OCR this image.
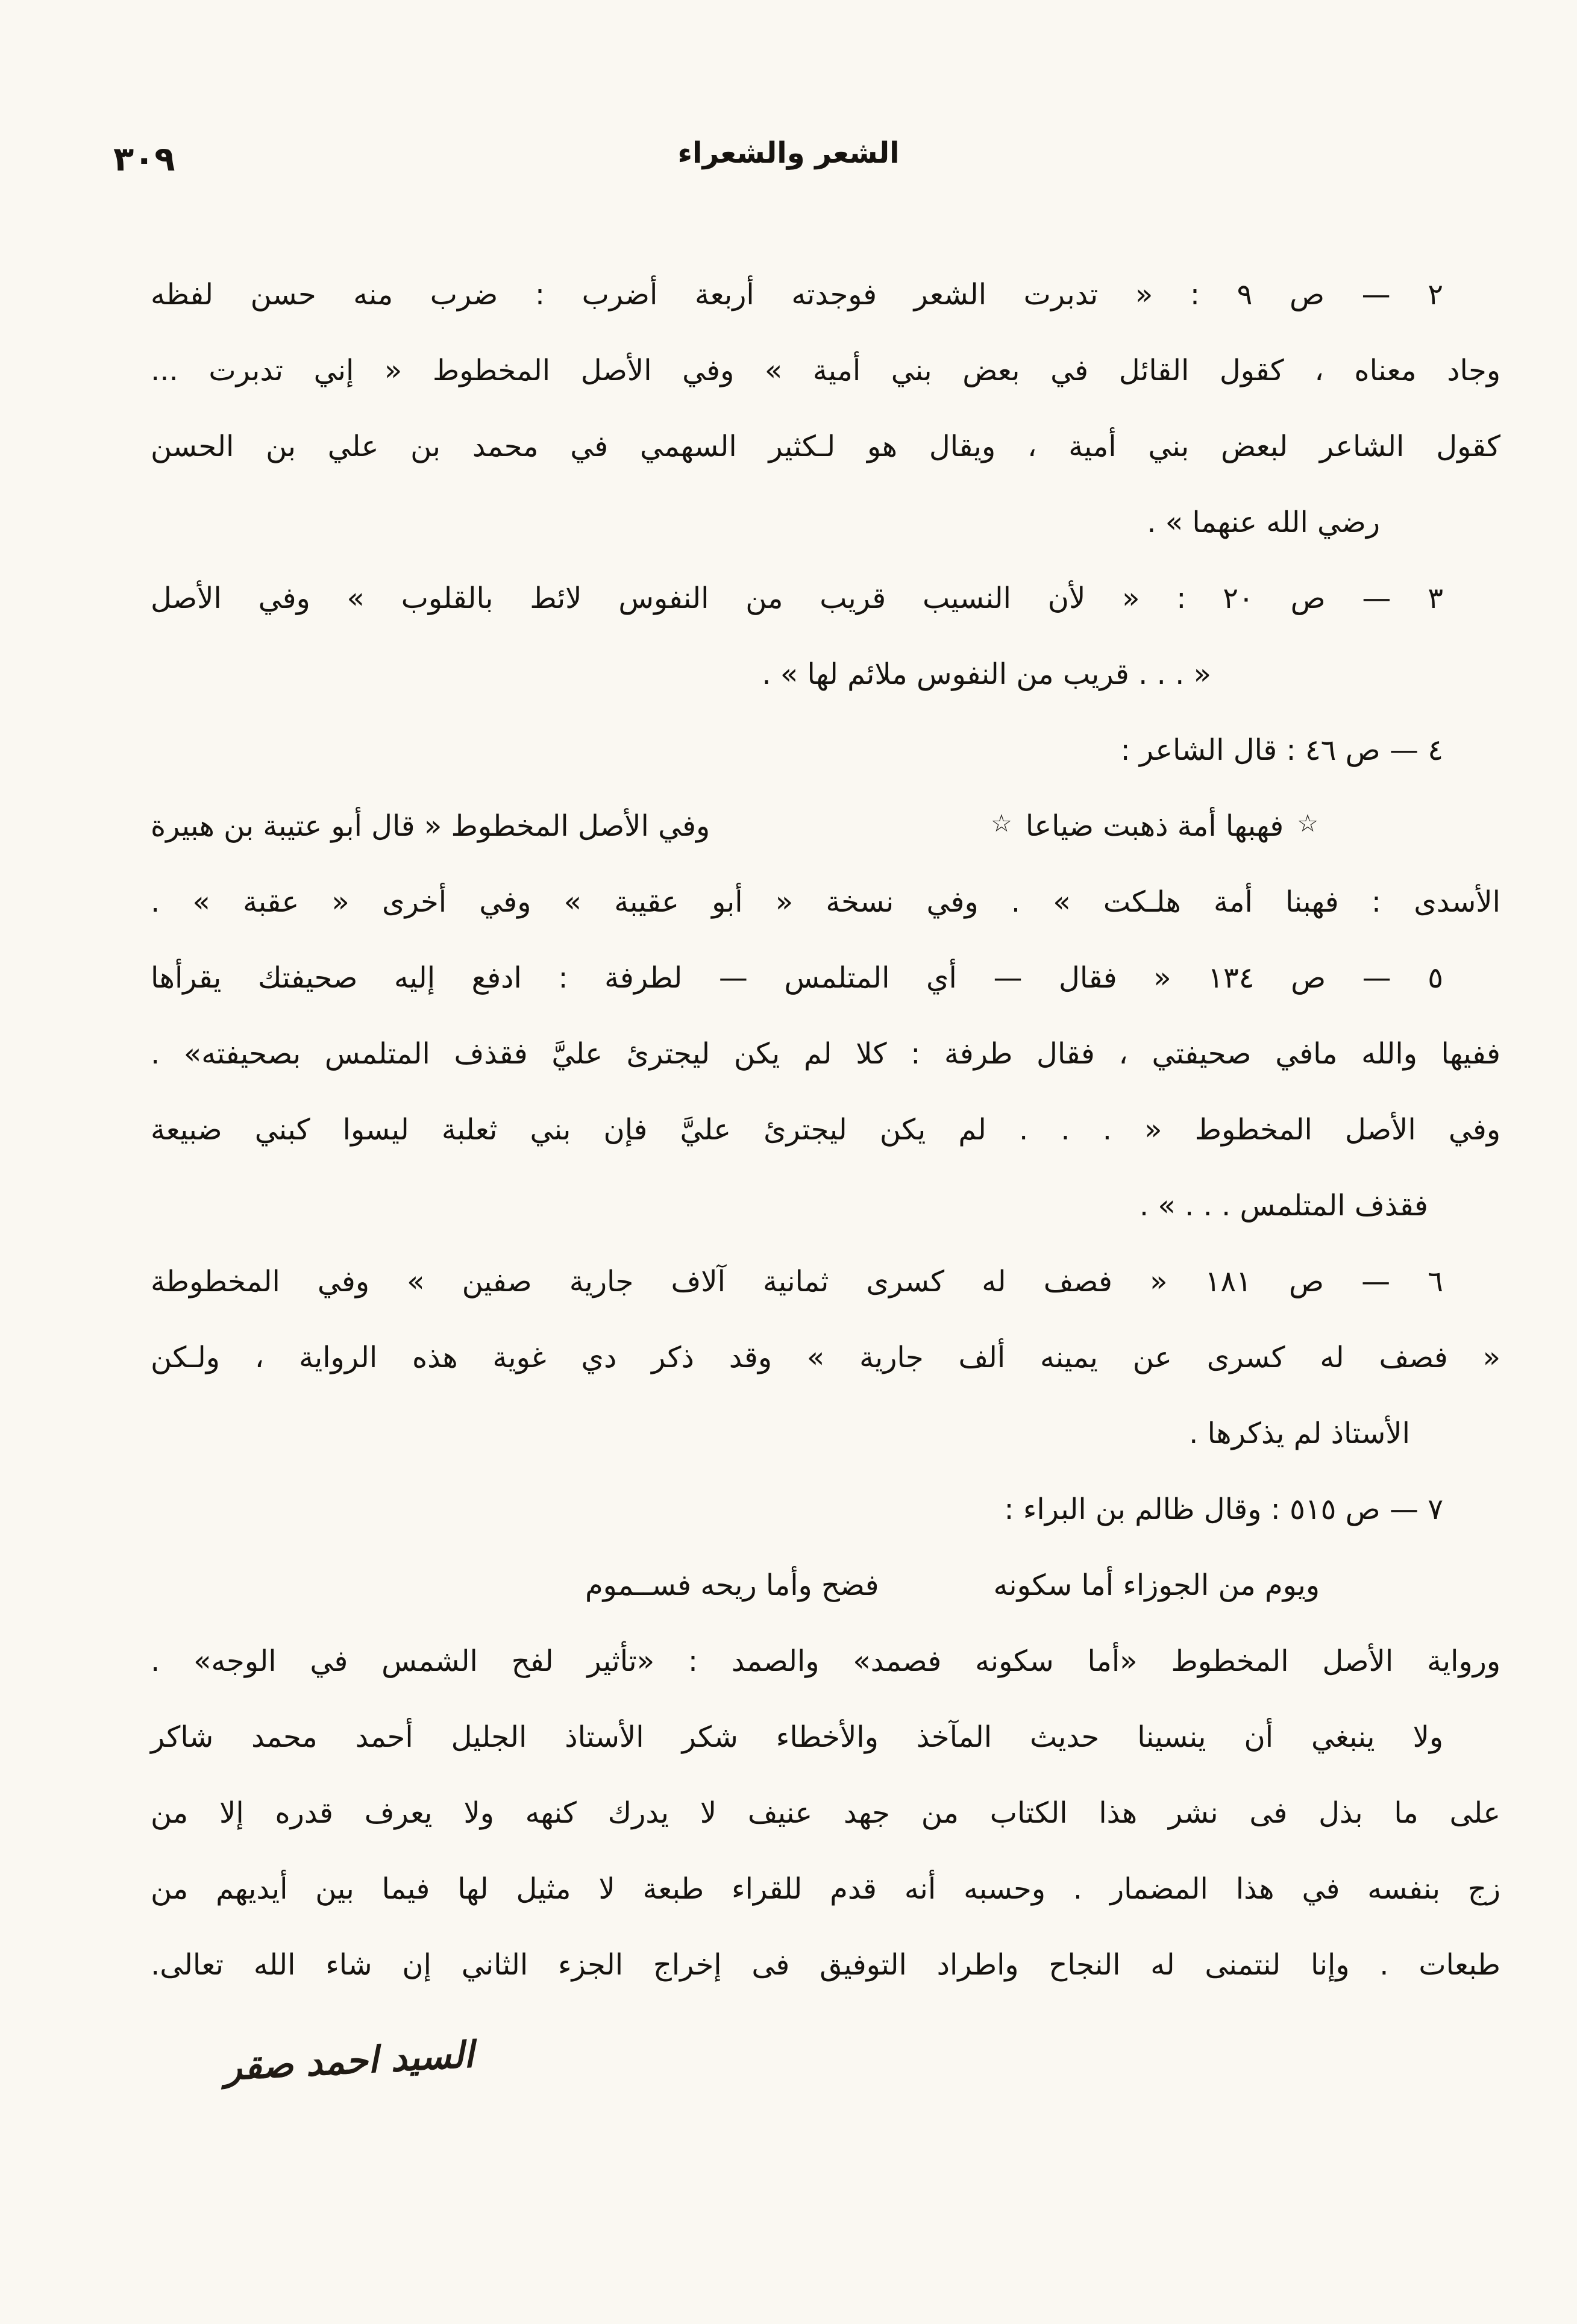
٣٠٩	الشعر والشعراء
٢ — ص ٩ : « تدبرت الشعر فوجدته أربعة أضرب : ضرب منه حسن لفظه
وجاد معناه ، كقول القائل في بعض بني أمية » وفي الأصل المخطوط « إني تدبرت ...
كقول الشاعر لبعض بني أمية ، ويقال هو لـكثير السهمي في محمد بن علي بن الحسن
رضي الله عنهما » .
٣ — ص ٢٠ : « لأن النسيب قريب من النفوس لائط بالقلوب » وفي الأصل
« . . . قريب من النفوس ملائم لها » .
٤ — ص ٤٦ : قال الشاعر :
☆
فهبها أمة ذهبت ضياعا
☆
وفي الأصل المخطوط « قال أبو عتيبة بن هبيرة
الأسدى : فهبنا أمة هلـكت » . وفي نسخة « أبو عقيبة » وفي أخرى « عقبة » .
٥ — ص ١٣٤ « فقال — أي المتلمس — لطرفة : ادفع إليه صحيفتك يقرأها
ففيها والله مافي صحيفتي ، فقال طرفة : كلا لم يكن ليجترئ عليَّ فقذف المتلمس بصحيفته» .
وفي الأصل المخطوط « . . . لم يكن ليجترئ عليَّ فإن بني ثعلبة ليسوا كبني ضبيعة
فقذف المتلمس . . . » .
٦ — ص ١٨١ « فصف له كسرى ثمانية آلاف جارية صفين » وفي المخطوطة
« فصف له كسرى عن يمينه ألف جارية » وقد ذكر دي غوية هذه الرواية ، ولـكن
الأستاذ لم يذكرها .
٧ — ص ٥١٥ : وقال ظالم بن البراء :
ويوم من الجوزاء أما سكونه
فضح وأما ريحه فســموم
ورواية الأصل المخطوط «أما سكونه فصمد» والصمد : «تأثير لفح الشمس في الوجه» .
ولا ينبغي أن ينسينا حديث المآخذ والأخطاء شكر الأستاذ الجليل أحمد محمد شاكر
على ما بذل فى نشر هذا الكتاب من جهد عنيف لا يدرك كنهه ولا يعرف قدره إلا من
زج بنفسه في هذا المضمار . وحسبه أنه قدم للقراء طبعة لا مثيل لها فيما بين أيديهم من
طبعات . وإنا لنتمنى له النجاح واطراد التوفيق فى إخراج الجزء الثاني إن شاء الله تعالى.
السيد احمد صقر
